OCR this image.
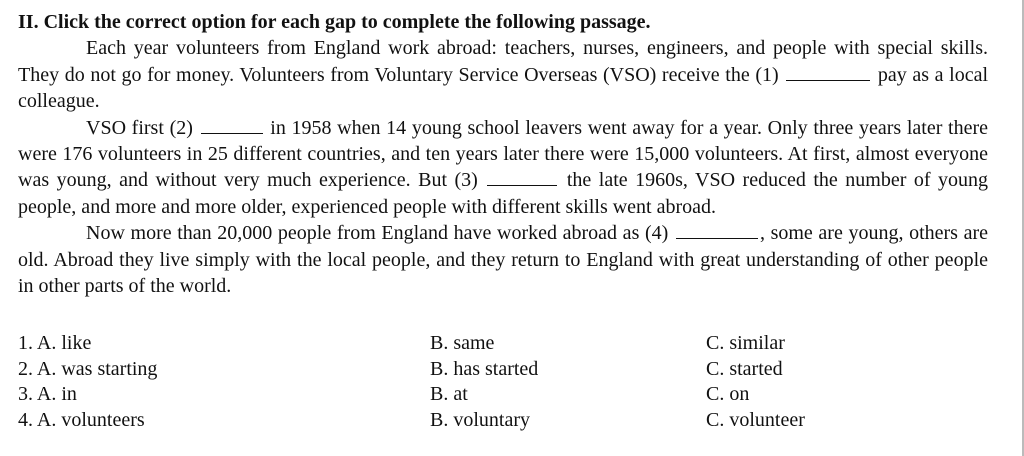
II. Click the correct option for each gap to complete the following passage.

Each year volunteers from England work abroad: teachers, nurses, engineers, and people with special skills. They do not go for money. Volunteers from Voluntary Service Overseas (VSO) receive the (1)	pay as a local colleague.

VSO first (2)	in 1958 when 14 young school leavers went away for a year. Only three years later there were 176 volunteers in 25 different countries, and ten years later there were 15,000 volunteers. At first, almost everyone was young, and without very much experience. But (3)	the late 1960s, VSO reduced the number of young people, and more and more older, experienced people with different skills went abroad.

Now more than 20,000 people from England have worked abroad as (4)	, some are young, others are old. Abroad they live simply with the local people, and they return to England with great understanding of other people in other parts of the world.

1. A. like	B. same	C. similar
2. A. was starting	B. has started	C. started
3. A. in	B. at	C. on
4. A. volunteers	B. voluntary	C. volunteer
